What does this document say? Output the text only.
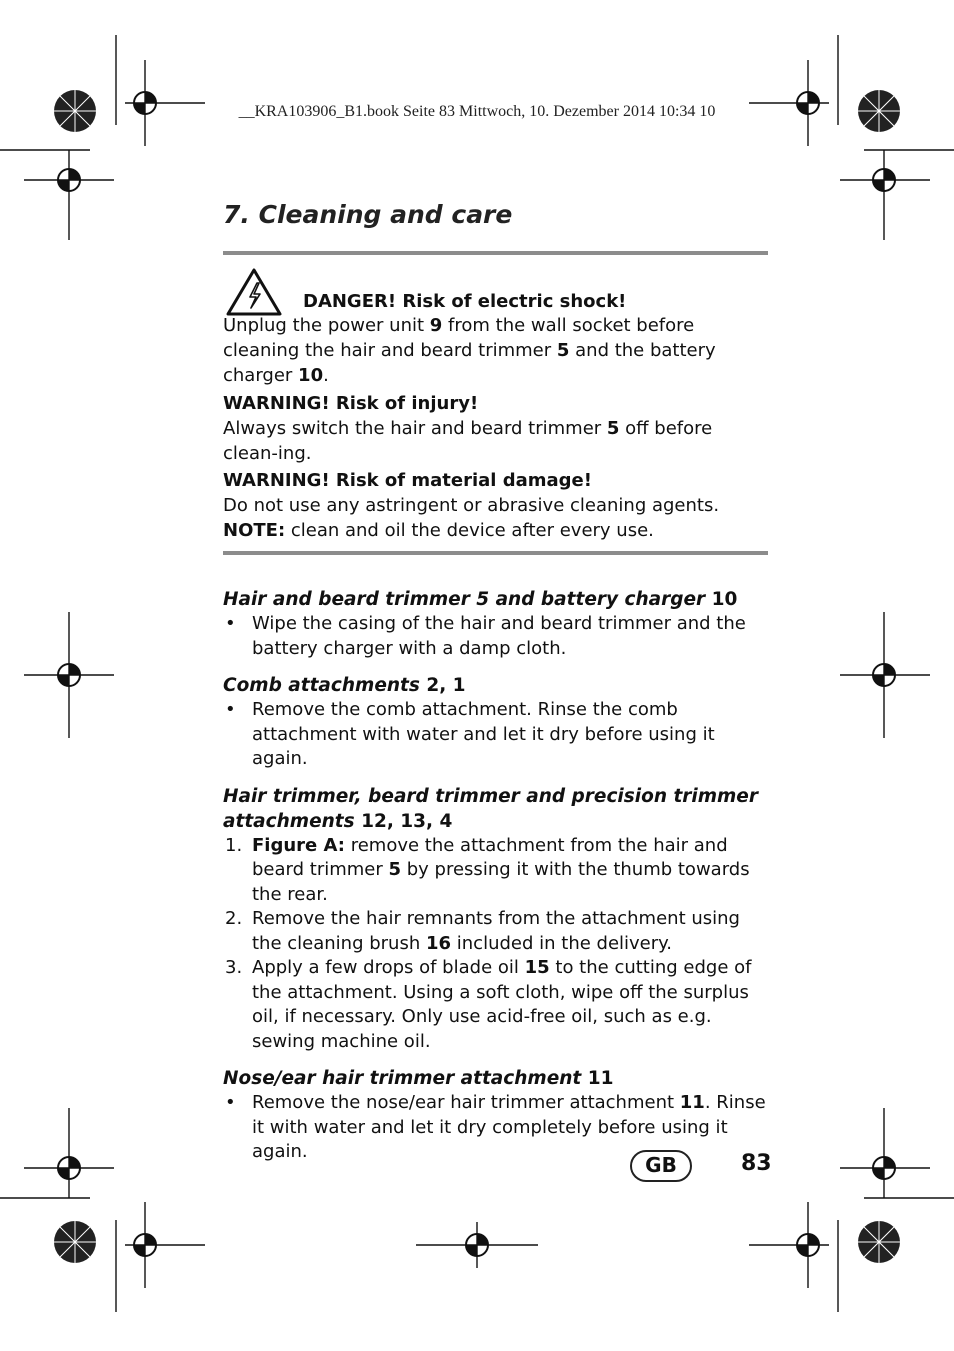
__KRA103906_B1.book Seite 83 Mittwoch, 10. Dezember 2014 10:34 10
7. Cleaning and care

DANGER! Risk of electric shock!

Unplug the power unit 9 from the wall socket before cleaning the hair and beard trimmer 5 and the battery charger 10.

WARNING! Risk of injury!

Always switch the hair and beard trimmer 5 off before clean-ing.

WARNING! Risk of material damage!

Do not use any astringent or abrasive cleaning agents.

NOTE: clean and oil the device after every use.

Hair and beard trimmer 5 and battery charger 10

• Wipe the casing of the hair and beard trimmer and the battery charger with a damp cloth.

Comb attachments 2, 1

• Remove the comb attachment. Rinse the comb attachment with water and let it dry before using it again.

Hair trimmer, beard trimmer and precision trimmer attachments 12, 13, 4

1. Figure A: remove the attachment from the hair and beard trimmer 5 by pressing it with the thumb towards the rear.
2. Remove the hair remnants from the attachment using the cleaning brush 16 included in the delivery.
3. Apply a few drops of blade oil 15 to the cutting edge of the attachment. Using a soft cloth, wipe off the surplus oil, if necessary. Only use acid-free oil, such as e.g. sewing machine oil.

Nose/ear hair trimmer attachment 11

• Remove the nose/ear hair trimmer attachment 11. Rinse it with water and let it dry completely before using it again.
GB	83
